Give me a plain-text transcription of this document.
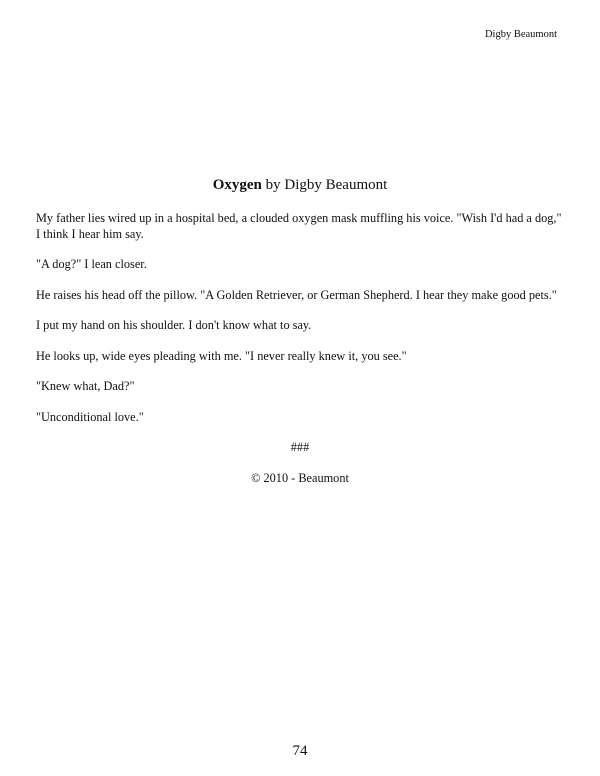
Digby Beaumont
Oxygen by Digby Beaumont

My father lies wired up in a hospital bed, a clouded oxygen mask muffling his voice. "Wish I'd had a dog," I think I hear him say.

"A dog?" I lean closer.

He raises his head off the pillow. "A Golden Retriever, or German Shepherd. I hear they make good pets."

I put my hand on his shoulder. I don't know what to say.

He looks up, wide eyes pleading with me. "I never really knew it, you see."

"Knew what, Dad?"

"Unconditional love."

###

© 2010 - Beaumont

74
